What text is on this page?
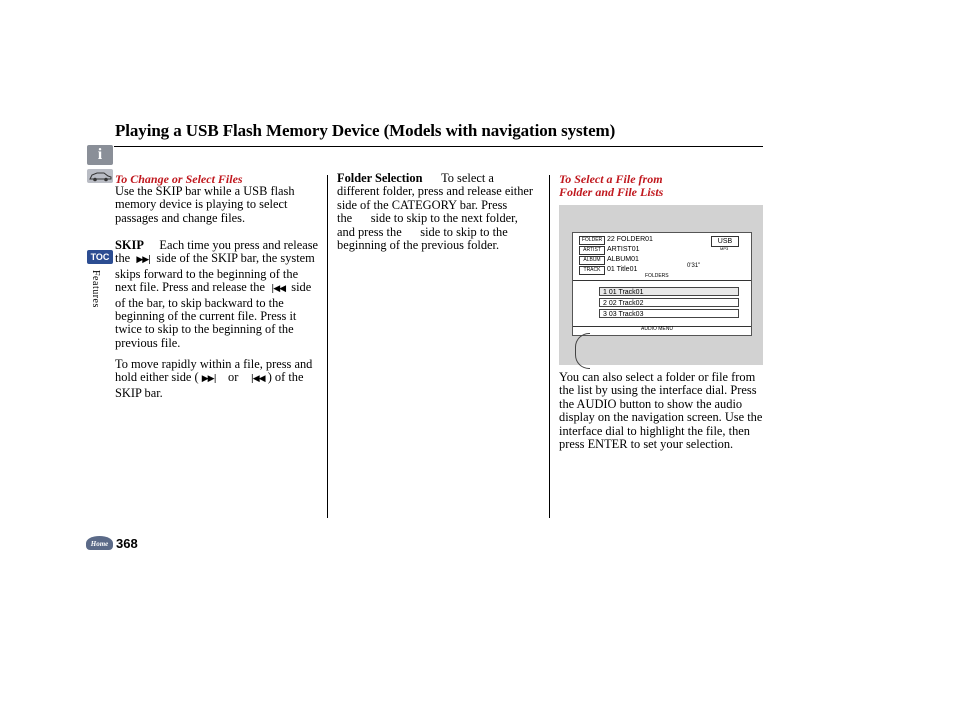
Playing a USB Flash Memory Device (Models with navigation system)
i
TOC
Features
Home 368
To Change or Select Files
Use the SKIP bar while a USB flash memory device is playing to select passages and change files.
SKIP Each time you press and release the ▶▶| side of the SKIP bar, the system skips forward to the beginning of the next file. Press and release the |◀◀ side of the bar, to skip backward to the beginning of the current file. Press it twice to skip to the beginning of the previous file.
To move rapidly within a file, press and hold either side ( ▶▶| or |◀◀ ) of the SKIP bar.
Folder Selection To select a different folder, press and release either side of the CATEGORY bar. Press the side to skip to the next folder, and press the side to skip to the beginning of the previous folder.
To Select a File from
Folder and File Lists
FOLDER 22 FOLDER01
ARTIST ARTIST01
ALBUM ALBUM01
TRACK 01 Title01
USB
MP3
0'31"
FOLDERS
1 01 Track01
2 02 Track02
3 03 Track03
AUDIO MENU
You can also select a folder or file from the list by using the interface dial. Press the AUDIO button to show the audio display on the navigation screen. Use the interface dial to highlight the file, then press ENTER to set your selection.
